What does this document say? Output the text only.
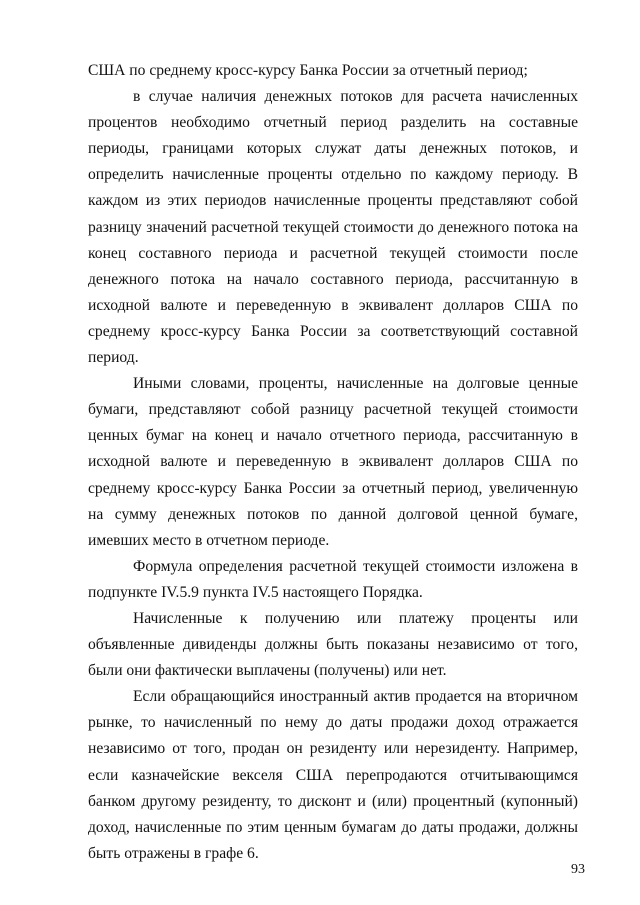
США по среднему кросс-курсу Банка России за отчетный период;

в случае наличия денежных потоков для расчета начисленных процентов необходимо отчетный период разделить на составные периоды, границами которых служат даты денежных потоков, и определить начисленные проценты отдельно по каждому периоду. В каждом из этих периодов начисленные проценты представляют собой разницу значений расчетной текущей стоимости до денежного потока на конец составного периода и расчетной текущей стоимости после денежного потока на начало составного периода, рассчитанную в исходной валюте и переведенную в эквивалент долларов США по среднему кросс-курсу Банка России за соответствующий составной период.

Иными словами, проценты, начисленные на долговые ценные бумаги, представляют собой разницу расчетной текущей стоимости ценных бумаг на конец и начало отчетного периода, рассчитанную в исходной валюте и переведенную в эквивалент долларов США по среднему кросс-курсу Банка России за отчетный период, увеличенную на сумму денежных потоков по данной долговой ценной бумаге, имевших место в отчетном периоде.

Формула определения расчетной текущей стоимости изложена в подпункте IV.5.9 пункта IV.5 настоящего Порядка.

Начисленные к получению или платежу проценты или объявленные дивиденды должны быть показаны независимо от того, были они фактически выплачены (получены) или нет.

Если обращающийся иностранный актив продается на вторичном рынке, то начисленный по нему до даты продажи доход отражается независимо от того, продан он резиденту или нерезиденту. Например, если казначейские векселя США перепродаются отчитывающимся банком другому резиденту, то дисконт и (или) процентный (купонный) доход, начисленные по этим ценным бумагам до даты продажи, должны быть отражены в графе 6.

93
